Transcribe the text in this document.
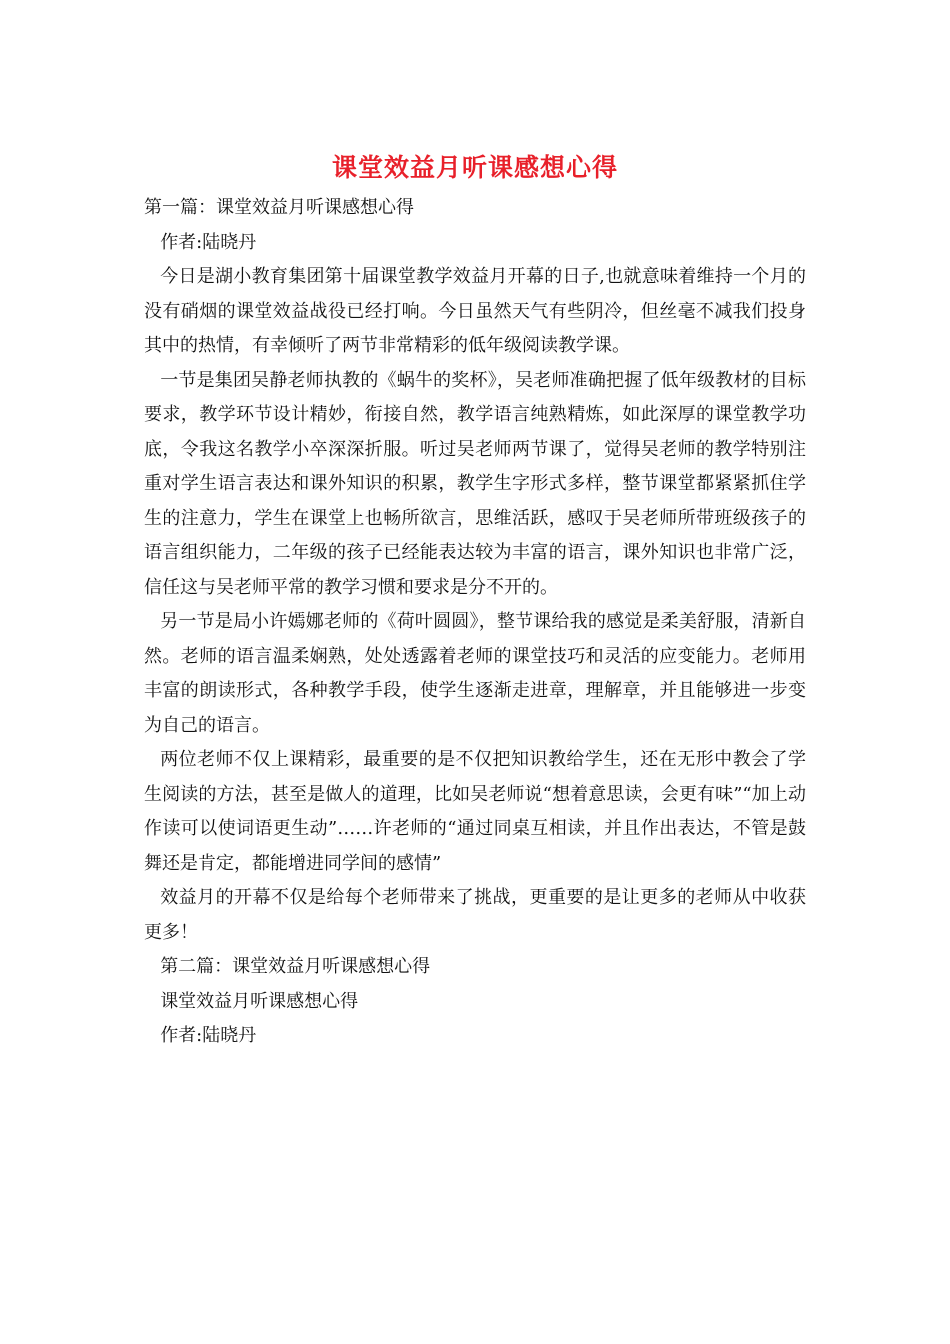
课堂效益月听课感想心得

第一篇：课堂效益月听课感想心得

作者:陆晓丹

今日是湖小教育集团第十届课堂教学效益月开幕的日子,也就意味着维持一个月的没有硝烟的课堂效益战役已经打响。今日虽然天气有些阴冷，但丝毫不减我们投身其中的热情，有幸倾听了两节非常精彩的低年级阅读教学课。

一节是集团吴静老师执教的《蜗牛的奖杯》，吴老师准确把握了低年级教材的目标要求，教学环节设计精妙，衔接自然，教学语言纯熟精炼，如此深厚的课堂教学功底，令我这名教学小卒深深折服。听过吴老师两节课了，觉得吴老师的教学特别注重对学生语言表达和课外知识的积累，教学生字形式多样，整节课堂都紧紧抓住学生的注意力，学生在课堂上也畅所欲言，思维活跃，感叹于吴老师所带班级孩子的语言组织能力，二年级的孩子已经能表达较为丰富的语言，课外知识也非常广泛，信任这与吴老师平常的教学习惯和要求是分不开的。

另一节是局小许嫣娜老师的《荷叶圆圆》，整节课给我的感觉是柔美舒服，清新自然。老师的语言温柔娴熟，处处透露着老师的课堂技巧和灵活的应变能力。老师用丰富的朗读形式，各种教学手段，使学生逐渐走进章，理解章，并且能够进一步变为自己的语言。

两位老师不仅上课精彩，最重要的是不仅把知识教给学生，还在无形中教会了学生阅读的方法，甚至是做人的道理，比如吴老师说“想着意思读，会更有味”“加上动作读可以使词语更生动”……许老师的“通过同桌互相读，并且作出表达，不管是鼓舞还是肯定，都能增进同学间的感情”

效益月的开幕不仅是给每个老师带来了挑战，更重要的是让更多的老师从中收获更多！

第二篇：课堂效益月听课感想心得

课堂效益月听课感想心得

作者:陆晓丹
